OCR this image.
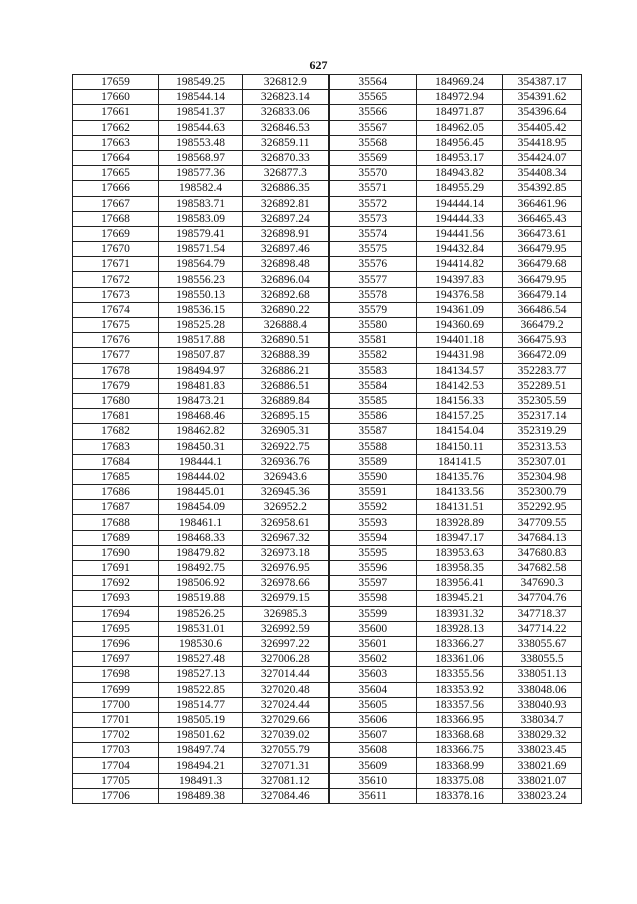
627
17659	198549.25	326812.9	35564	184969.24	354387.17
17660	198544.14	326823.14	35565	184972.94	354391.62
17661	198541.37	326833.06	35566	184971.87	354396.64
17662	198544.63	326846.53	35567	184962.05	354405.42
17663	198553.48	326859.11	35568	184956.45	354418.95
17664	198568.97	326870.33	35569	184953.17	354424.07
17665	198577.36	326877.3	35570	184943.82	354408.34
17666	198582.4	326886.35	35571	184955.29	354392.85
17667	198583.71	326892.81	35572	194444.14	366461.96
17668	198583.09	326897.24	35573	194444.33	366465.43
17669	198579.41	326898.91	35574	194441.56	366473.61
17670	198571.54	326897.46	35575	194432.84	366479.95
17671	198564.79	326898.48	35576	194414.82	366479.68
17672	198556.23	326896.04	35577	194397.83	366479.95
17673	198550.13	326892.68	35578	194376.58	366479.14
17674	198536.15	326890.22	35579	194361.09	366486.54
17675	198525.28	326888.4	35580	194360.69	366479.2
17676	198517.88	326890.51	35581	194401.18	366475.93
17677	198507.87	326888.39	35582	194431.98	366472.09
17678	198494.97	326886.21	35583	184134.57	352283.77
17679	198481.83	326886.51	35584	184142.53	352289.51
17680	198473.21	326889.84	35585	184156.33	352305.59
17681	198468.46	326895.15	35586	184157.25	352317.14
17682	198462.82	326905.31	35587	184154.04	352319.29
17683	198450.31	326922.75	35588	184150.11	352313.53
17684	198444.1	326936.76	35589	184141.5	352307.01
17685	198444.02	326943.6	35590	184135.76	352304.98
17686	198445.01	326945.36	35591	184133.56	352300.79
17687	198454.09	326952.2	35592	184131.51	352292.95
17688	198461.1	326958.61	35593	183928.89	347709.55
17689	198468.33	326967.32	35594	183947.17	347684.13
17690	198479.82	326973.18	35595	183953.63	347680.83
17691	198492.75	326976.95	35596	183958.35	347682.58
17692	198506.92	326978.66	35597	183956.41	347690.3
17693	198519.88	326979.15	35598	183945.21	347704.76
17694	198526.25	326985.3	35599	183931.32	347718.37
17695	198531.01	326992.59	35600	183928.13	347714.22
17696	198530.6	326997.22	35601	183366.27	338055.67
17697	198527.48	327006.28	35602	183361.06	338055.5
17698	198527.13	327014.44	35603	183355.56	338051.13
17699	198522.85	327020.48	35604	183353.92	338048.06
17700	198514.77	327024.44	35605	183357.56	338040.93
17701	198505.19	327029.66	35606	183366.95	338034.7
17702	198501.62	327039.02	35607	183368.68	338029.32
17703	198497.74	327055.79	35608	183366.75	338023.45
17704	198494.21	327071.31	35609	183368.99	338021.69
17705	198491.3	327081.12	35610	183375.08	338021.07
17706	198489.38	327084.46	35611	183378.16	338023.24
